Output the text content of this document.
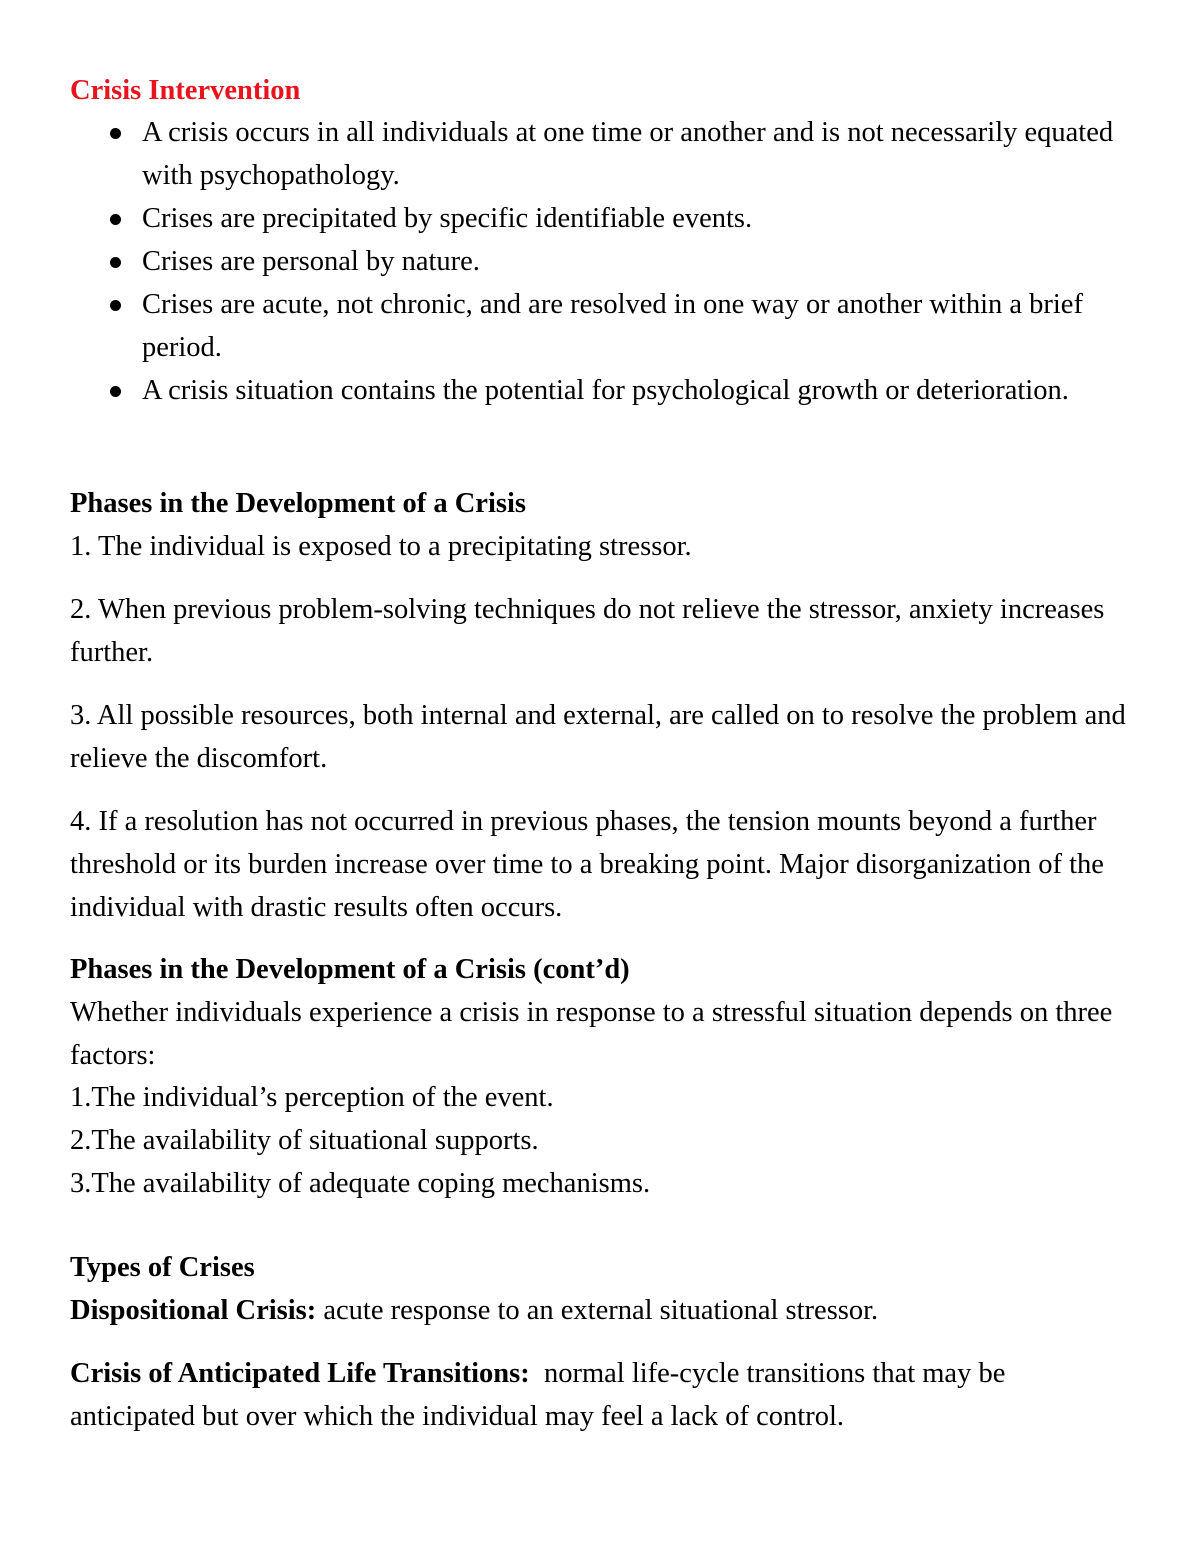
Crisis Intervention
A crisis occurs in all individuals at one time or another and is not necessarily equated with psychopathology.
Crises are precipitated by specific identifiable events.
Crises are personal by nature.
Crises are acute, not chronic, and are resolved in one way or another within a brief period.
A crisis situation contains the potential for psychological growth or deterioration.
Phases in the Development of a Crisis
1. The individual is exposed to a precipitating stressor.
2. When previous problem-solving techniques do not relieve the stressor, anxiety increases further.
3. All possible resources, both internal and external, are called on to resolve the problem and relieve the discomfort.
4. If a resolution has not occurred in previous phases, the tension mounts beyond a further threshold or its burden increase over time to a breaking point. Major disorganization of the individual with drastic results often occurs.
Phases in the Development of a Crisis (cont’d)
Whether individuals experience a crisis in response to a stressful situation depends on three factors:
1.The individual’s perception of the event.
2.The availability of situational supports.
3.The availability of adequate coping mechanisms.
Types of Crises
Dispositional Crisis: acute response to an external situational stressor.
Crisis of Anticipated Life Transitions:  normal life-cycle transitions that may be anticipated but over which the individual may feel a lack of control.
